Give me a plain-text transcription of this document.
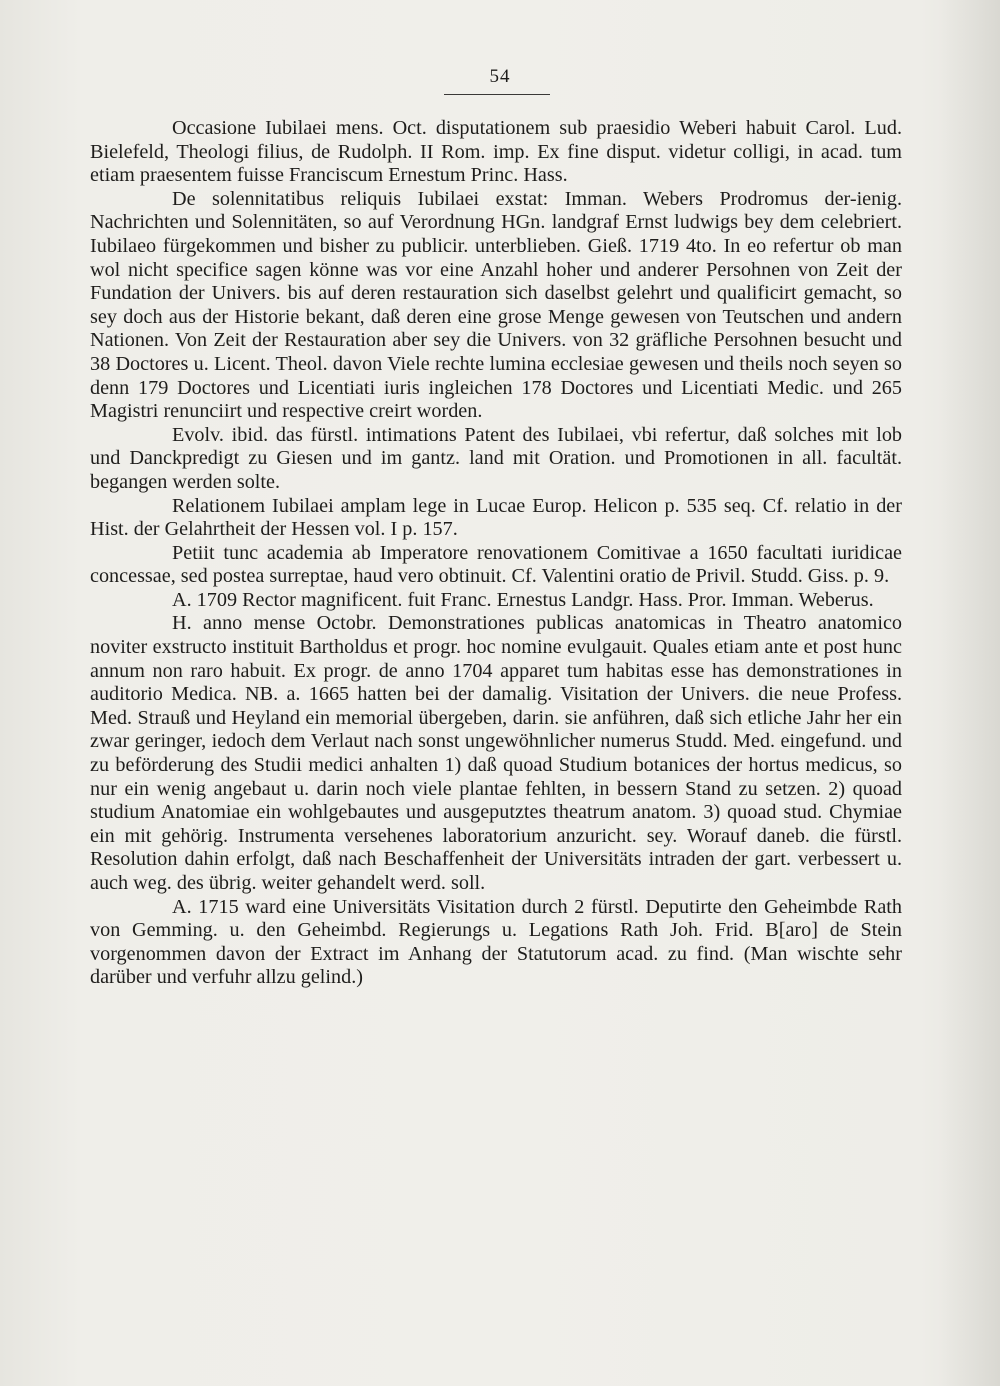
54

Occasione Iubilaei mens. Oct. disputationem sub praesidio Weberi habuit Carol. Lud. Bielefeld, Theologi filius, de Rudolph. II Rom. imp. Ex fine disput. videtur colligi, in acad. tum etiam praesentem fuisse Franciscum Ernestum Princ. Hass.

De solennitatibus reliquis Iubilaei exstat: Imman. Webers Prodromus der-ienig. Nachrichten und Solennitäten, so auf Verordnung HGn. landgraf Ernst ludwigs bey dem celebriert. Iubilaeo fürgekommen und bisher zu publicir. unterblieben. Gieß. 1719 4to. In eo refertur ob man wol nicht specifice sagen könne was vor eine Anzahl hoher und anderer Persohnen von Zeit der Fundation der Univers. bis auf deren restauration sich daselbst gelehrt und qualificirt gemacht, so sey doch aus der Historie bekant, daß deren eine grose Menge gewesen von Teutschen und andern Nationen. Von Zeit der Restauration aber sey die Univers. von 32 gräfliche Persohnen besucht und 38 Doctores u. Licent. Theol. davon Viele rechte lumina ecclesiae gewesen und theils noch seyen so denn 179 Doctores und Licentiati iuris ingleichen 178 Doctores und Licentiati Medic. und 265 Magistri renunciirt und respective creirt worden.

Evolv. ibid. das fürstl. intimations Patent des Iubilaei, vbi refertur, daß solches mit lob und Danckpredigt zu Giesen und im gantz. land mit Oration. und Promotionen in all. facultät. begangen werden solte.

Relationem Iubilaei amplam lege in Lucae Europ. Helicon p. 535 seq. Cf. relatio in der Hist. der Gelahrtheit der Hessen vol. I p. 157.

Petiit tunc academia ab Imperatore renovationem Comitivae a 1650 facultati iuridicae concessae, sed postea surreptae, haud vero obtinuit. Cf. Valentini oratio de Privil. Studd. Giss. p. 9.

A. 1709 Rector magnificent. fuit Franc. Ernestus Landgr. Hass. Pror. Imman. Weberus.

H. anno mense Octobr. Demonstrationes publicas anatomicas in Theatro anatomico noviter exstructo instituit Bartholdus et progr. hoc nomine evulgauit. Quales etiam ante et post hunc annum non raro habuit. Ex progr. de anno 1704 apparet tum habitas esse has demonstrationes in auditorio Medica. NB. a. 1665 hatten bei der damalig. Visitation der Univers. die neue Profess. Med. Strauß und Heyland ein memorial übergeben, darin. sie anführen, daß sich etliche Jahr her ein zwar geringer, iedoch dem Verlaut nach sonst ungewöhnlicher numerus Studd. Med. eingefund. und zu beförderung des Studii medici anhalten 1) daß quoad Studium botanices der hortus medicus, so nur ein wenig angebaut u. darin noch viele plantae fehlten, in bessern Stand zu setzen. 2) quoad studium Anatomiae ein wohlgebautes und ausgeputztes theatrum anatom. 3) quoad stud. Chymiae ein mit gehörig. Instrumenta versehenes laboratorium anzuricht. sey. Worauf daneb. die fürstl. Resolution dahin erfolgt, daß nach Beschaffenheit der Universitäts intraden der gart. verbessert u. auch weg. des übrig. weiter gehandelt werd. soll.

A. 1715 ward eine Universitäts Visitation durch 2 fürstl. Deputirte den Geheimbde Rath von Gemming. u. den Geheimbd. Regierungs u. Legations Rath Joh. Frid. B[aro] de Stein vorgenommen davon der Extract im Anhang der Statutorum acad. zu find. (Man wischte sehr darüber und verfuhr allzu gelind.)
